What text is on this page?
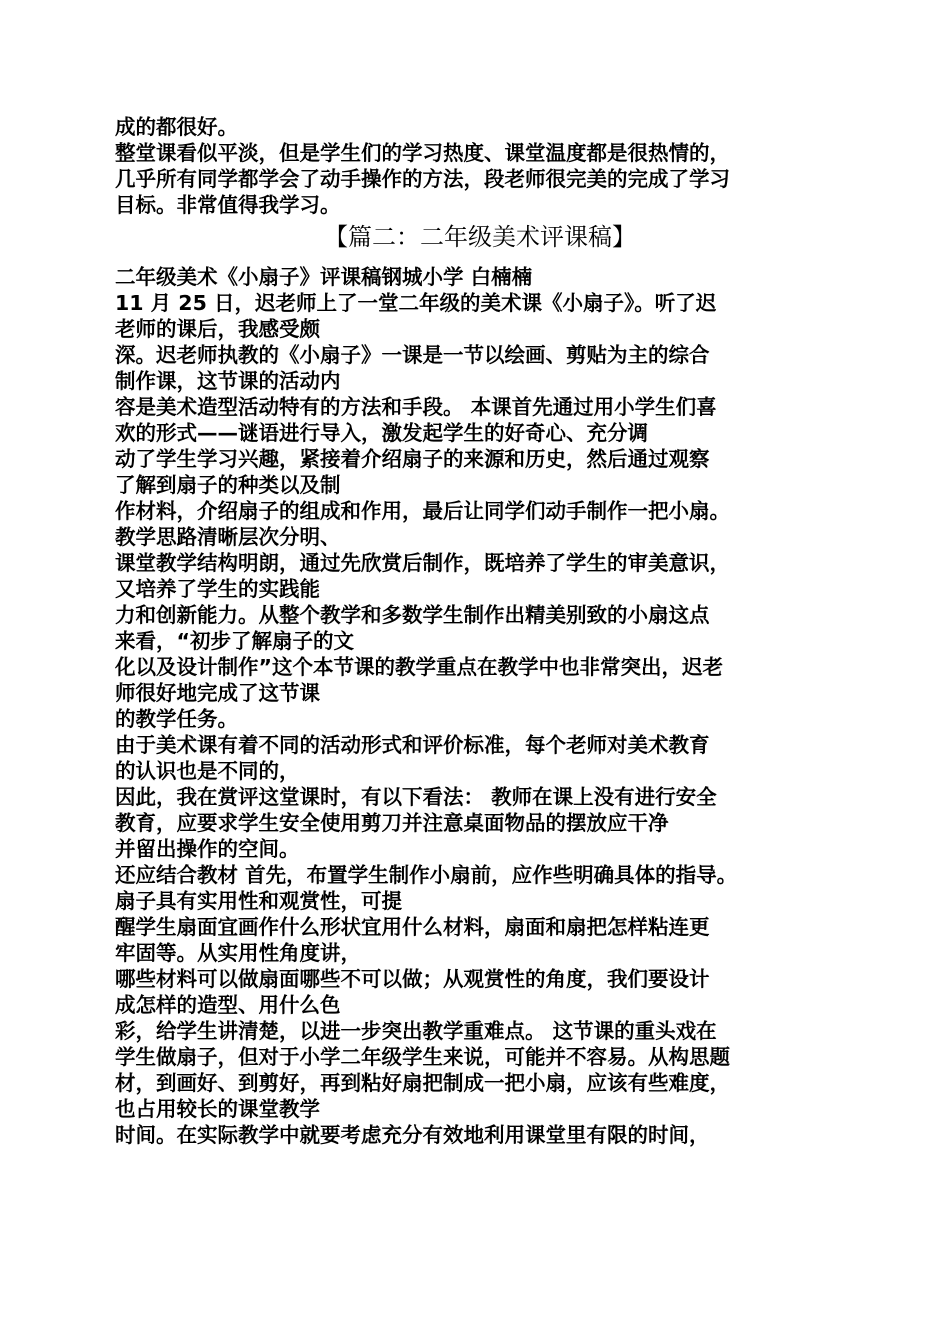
成的都很好。
整堂课看似平淡，但是学生们的学习热度、课堂温度都是很热情的，
几乎所有同学都学会了动手操作的方法，段老师很完美的完成了学习
目标。非常值得我学习。
【篇二：二年级美术评课稿】
二年级美术《小扇子》评课稿钢城小学 白楠楠
11 月 25 日，迟老师上了一堂二年级的美术课《小扇子》。听了迟
老师的课后，我感受颇
深。迟老师执教的《小扇子》一课是一节以绘画、剪贴为主的综合
制作课，这节课的活动内
容是美术造型活动特有的方法和手段。 本课首先通过用小学生们喜
欢的形式——谜语进行导入，激发起学生的好奇心、充分调
动了学生学习兴趣，紧接着介绍扇子的来源和历史，然后通过观察
了解到扇子的种类以及制
作材料，介绍扇子的组成和作用，最后让同学们动手制作一把小扇。
教学思路清晰层次分明、
课堂教学结构明朗，通过先欣赏后制作，既培养了学生的审美意识，
又培养了学生的实践能
力和创新能力。从整个教学和多数学生制作出精美别致的小扇这点
来看，“初步了解扇子的文
化以及设计制作”这个本节课的教学重点在教学中也非常突出，迟老
师很好地完成了这节课
的教学任务。
由于美术课有着不同的活动形式和评价标准，每个老师对美术教育
的认识也是不同的，
因此，我在赏评这堂课时，有以下看法： 教师在课上没有进行安全
教育，应要求学生安全使用剪刀并注意桌面物品的摆放应干净
并留出操作的空间。
还应结合教材 首先，布置学生制作小扇前，应作些明确具体的指导。
扇子具有实用性和观赏性，可提
醒学生扇面宜画作什么形状宜用什么材料，扇面和扇把怎样粘连更
牢固等。从实用性角度讲，
哪些材料可以做扇面哪些不可以做；从观赏性的角度，我们要设计
成怎样的造型、用什么色
彩，给学生讲清楚，以进一步突出教学重难点。 这节课的重头戏在
学生做扇子，但对于小学二年级学生来说，可能并不容易。从构思题
材，到画好、到剪好，再到粘好扇把制成一把小扇，应该有些难度，
也占用较长的课堂教学
时间。在实际教学中就要考虑充分有效地利用课堂里有限的时间，
